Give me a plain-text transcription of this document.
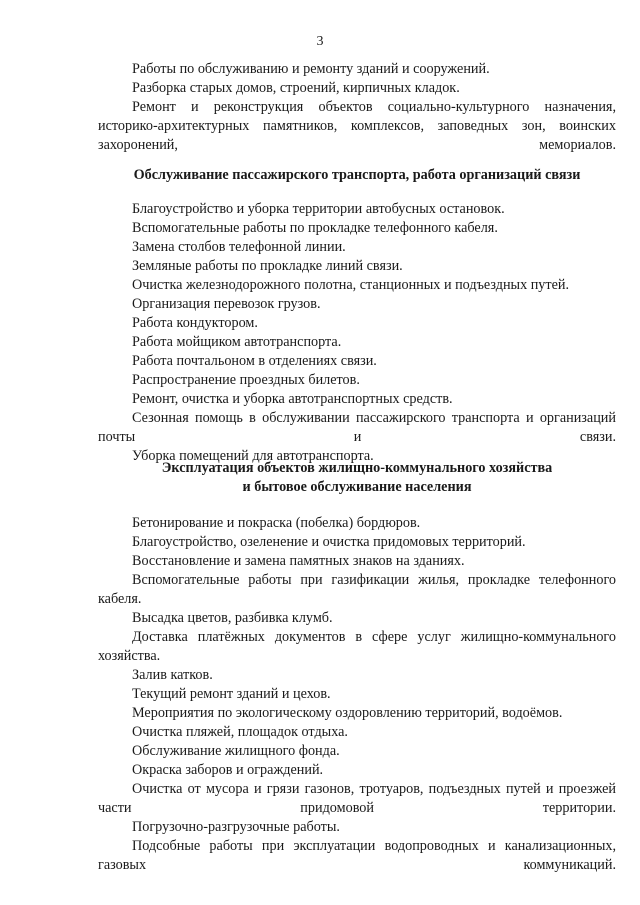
3

Работы по обслуживанию и ремонту зданий и сооружений.

Разборка старых домов, строений, кирпичных кладок.

Ремонт и реконструкция объектов социально-культурного назначения, историко-архитектурных памятников, комплексов, заповедных зон, воинских захоронений, мемориалов.

Обслуживание пассажирского транспорта, работа организаций связи

Благоустройство и уборка территории автобусных остановок.

Вспомогательные работы по прокладке телефонного кабеля.

Замена столбов телефонной линии.

Земляные работы по прокладке линий связи.

Очистка железнодорожного полотна, станционных и подъездных путей.

Организация перевозок грузов.

Работа кондуктором.

Работа мойщиком автотранспорта.

Работа почтальоном в отделениях связи.

Распространение проездных билетов.

Ремонт, очистка и уборка автотранспортных средств.

Сезонная помощь в обслуживании пассажирского транспорта и организаций почты и связи.

Уборка помещений для автотранспорта.

Эксплуатация объектов жилищно-коммунального хозяйства

и бытовое обслуживание населения

Бетонирование и покраска (побелка) бордюров.

Благоустройство, озеленение и очистка придомовых территорий.

Восстановление и замена памятных знаков на зданиях.

Вспомогательные работы при газификации жилья, прокладке телефонного кабеля.

Высадка цветов, разбивка клумб.

Доставка платёжных документов в сфере услуг жилищно-коммунального хозяйства.

Залив катков.

Текущий ремонт зданий и цехов.

Мероприятия по экологическому оздоровлению территорий, водоёмов.

Очистка пляжей, площадок отдыха.

Обслуживание жилищного фонда.

Окраска заборов и ограждений.

Очистка от мусора и грязи газонов, тротуаров, подъездных путей и проезжей части придомовой территории.

Погрузочно-разгрузочные работы.

Подсобные работы при эксплуатации водопроводных и канализационных, газовых коммуникаций.
